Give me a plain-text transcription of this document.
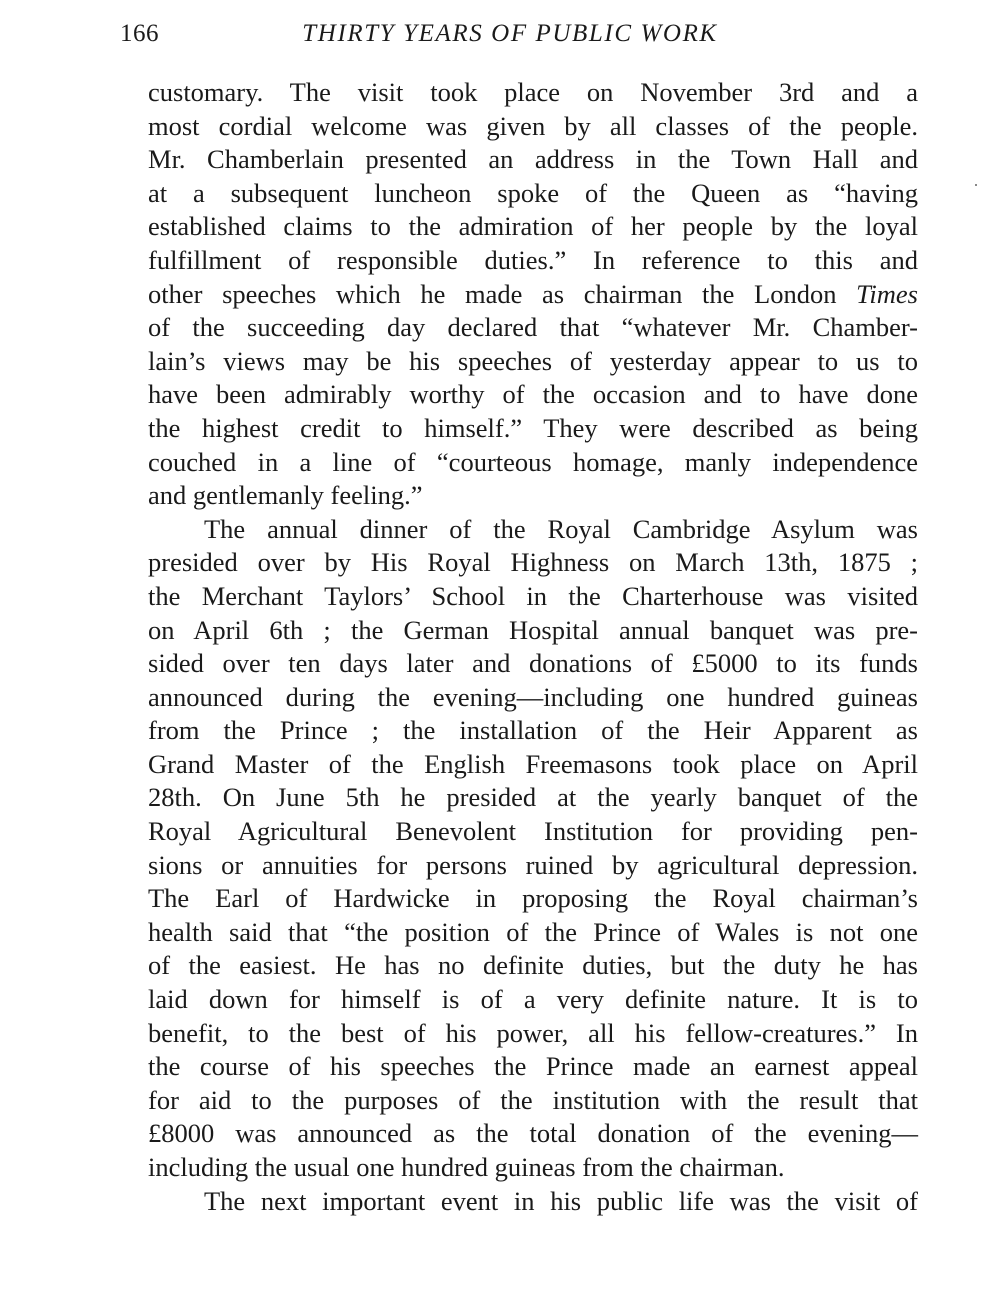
166	THIRTY YEARS OF PUBLIC WORK
customary. The visit took place on November 3rd and a
most cordial welcome was given by all classes of the people.
Mr. Chamberlain presented an address in the Town Hall and
at a subsequent luncheon spoke of the Queen as “having
established claims to the admiration of her people by the loyal
fulfillment of responsible duties.” In reference to this and
other speeches which he made as chairman the London Times
of the succeeding day declared that “whatever Mr. Chamber-
lain’s views may be his speeches of yesterday appear to us to
have been admirably worthy of the occasion and to have done
the highest credit to himself.” They were described as being
couched in a line of “courteous homage, manly independence
and gentlemanly feeling.”
The annual dinner of the Royal Cambridge Asylum was
presided over by His Royal Highness on March 13th, 1875 ;
the Merchant Taylors’ School in the Charterhouse was visited
on April 6th ; the German Hospital annual banquet was pre-
sided over ten days later and donations of £5000 to its funds
announced during the evening—including one hundred guineas
from the Prince ; the installation of the Heir Apparent as
Grand Master of the English Freemasons took place on April
28th. On June 5th he presided at the yearly banquet of the
Royal Agricultural Benevolent Institution for providing pen-
sions or annuities for persons ruined by agricultural depression.
The Earl of Hardwicke in proposing the Royal chairman’s
health said that “the position of the Prince of Wales is not one
of the easiest. He has no definite duties, but the duty he has
laid down for himself is of a very definite nature. It is to
benefit, to the best of his power, all his fellow-creatures.” In
the course of his speeches the Prince made an earnest appeal
for aid to the purposes of the institution with the result that
£8000 was announced as the total donation of the evening—
including the usual one hundred guineas from the chairman.
The next important event in his public life was the visit of
